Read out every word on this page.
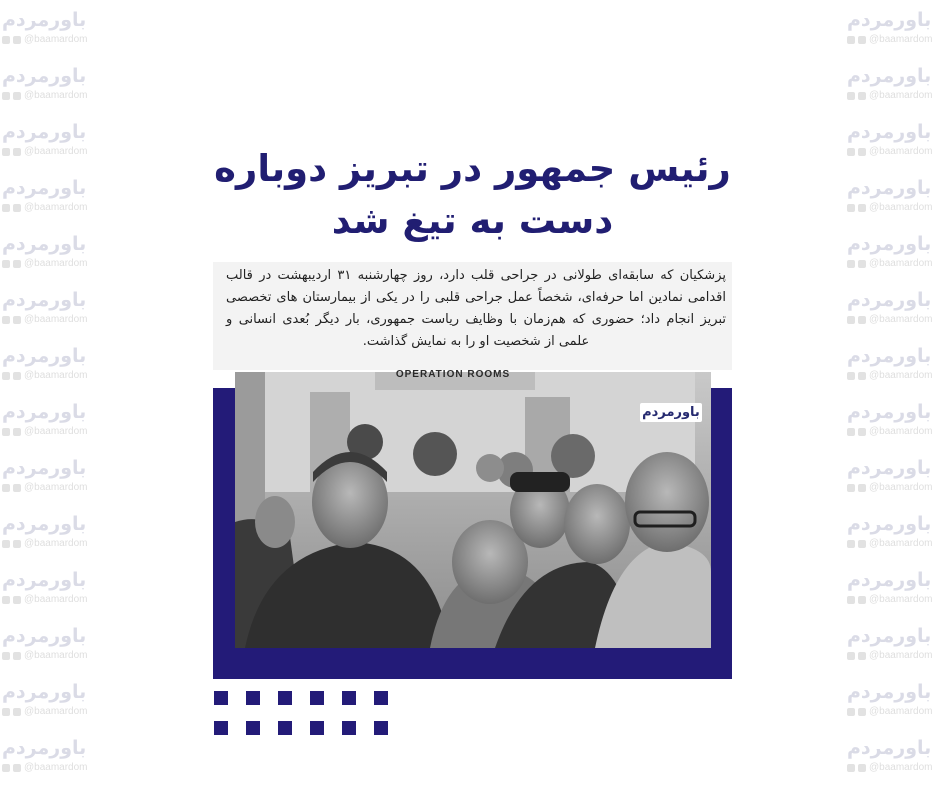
باورمردم
@baamardom
باورمردم
@baamardom
باورمردم
@baamardom
باورمردم
@baamardom
باورمردم
@baamardom
باورمردم
@baamardom
باورمردم
@baamardom
باورمردم
@baamardom
باورمردم
@baamardom
باورمردم
@baamardom
باورمردم
@baamardom
باورمردم
@baamardom
باورمردم
@baamardom
باورمردم
@baamardom
باورمردم
@baamardom
باورمردم
@baamardom
باورمردم
@baamardom
باورمردم
@baamardom
باورمردم
@baamardom
باورمردم
@baamardom
باورمردم
@baamardom
باورمردم
@baamardom
باورمردم
@baamardom
باورمردم
@baamardom
باورمردم
@baamardom
باورمردم
@baamardom
باورمردم
@baamardom
باورمردم
@baamardom
رئیس جمهور در تبریز دوباره دست به تیغ شد

پزشکیان که سابقه‌ای طولانی در جراحی قلب دارد، روز چهارشنبه ۳۱ اردیبهشت در قالب اقدامی نمادین اما حرفه‌ای، شخصاً عمل جراحی قلبی را در یکی از بیمارستان های تخصصی تبریز انجام داد؛ حضوری که هم‌زمان با وظایف ریاست جمهوری، بار دیگر بُعدی انسانی و علمی از شخصیت او را به نمایش گذاشت.

OPERATION ROOMS
باورمردم
